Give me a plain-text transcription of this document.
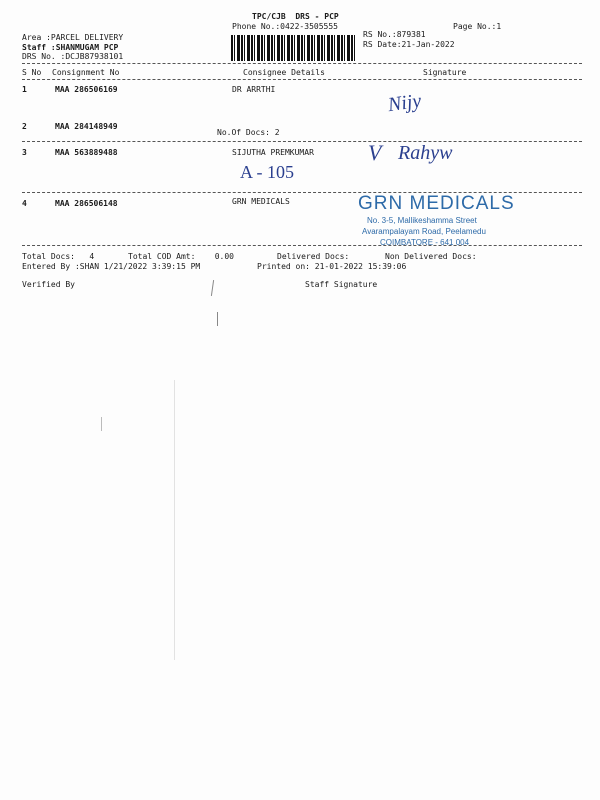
TPC/CJB  DRS - PCP
Phone No.:0422-3505555	Page No.:1
Area :PARCEL DELIVERY
Staff :SHANMUGAM PCP
DRS No. :DCJB87938101
RS No.:879381
RS Date:21-Jan-2022
S No Consignment No	Consignee Details	Signature
1	MAA 286506169	DR ARRTHI
2	MAA 284148949
No.Of Docs: 2
3	MAA 563889488	SIJUTHA PREMKUMAR
4	MAA 286506148	GRN MEDICALS
Total Docs:   4	Total COD Amt:    0.00	Delivered Docs:	Non Delivered Docs:
Entered By :SHAN 1/21/2022 3:39:15 PM	Printed on: 21-01-2022 15:39:06
Verified By	Staff Signature
GRN MEDICALS
No. 3-5, Mallikeshamma Street
Avarampalayam Road, Peelamedu
COIMBATORE - 641 004
Nijy
V Rahyw
A - 105
